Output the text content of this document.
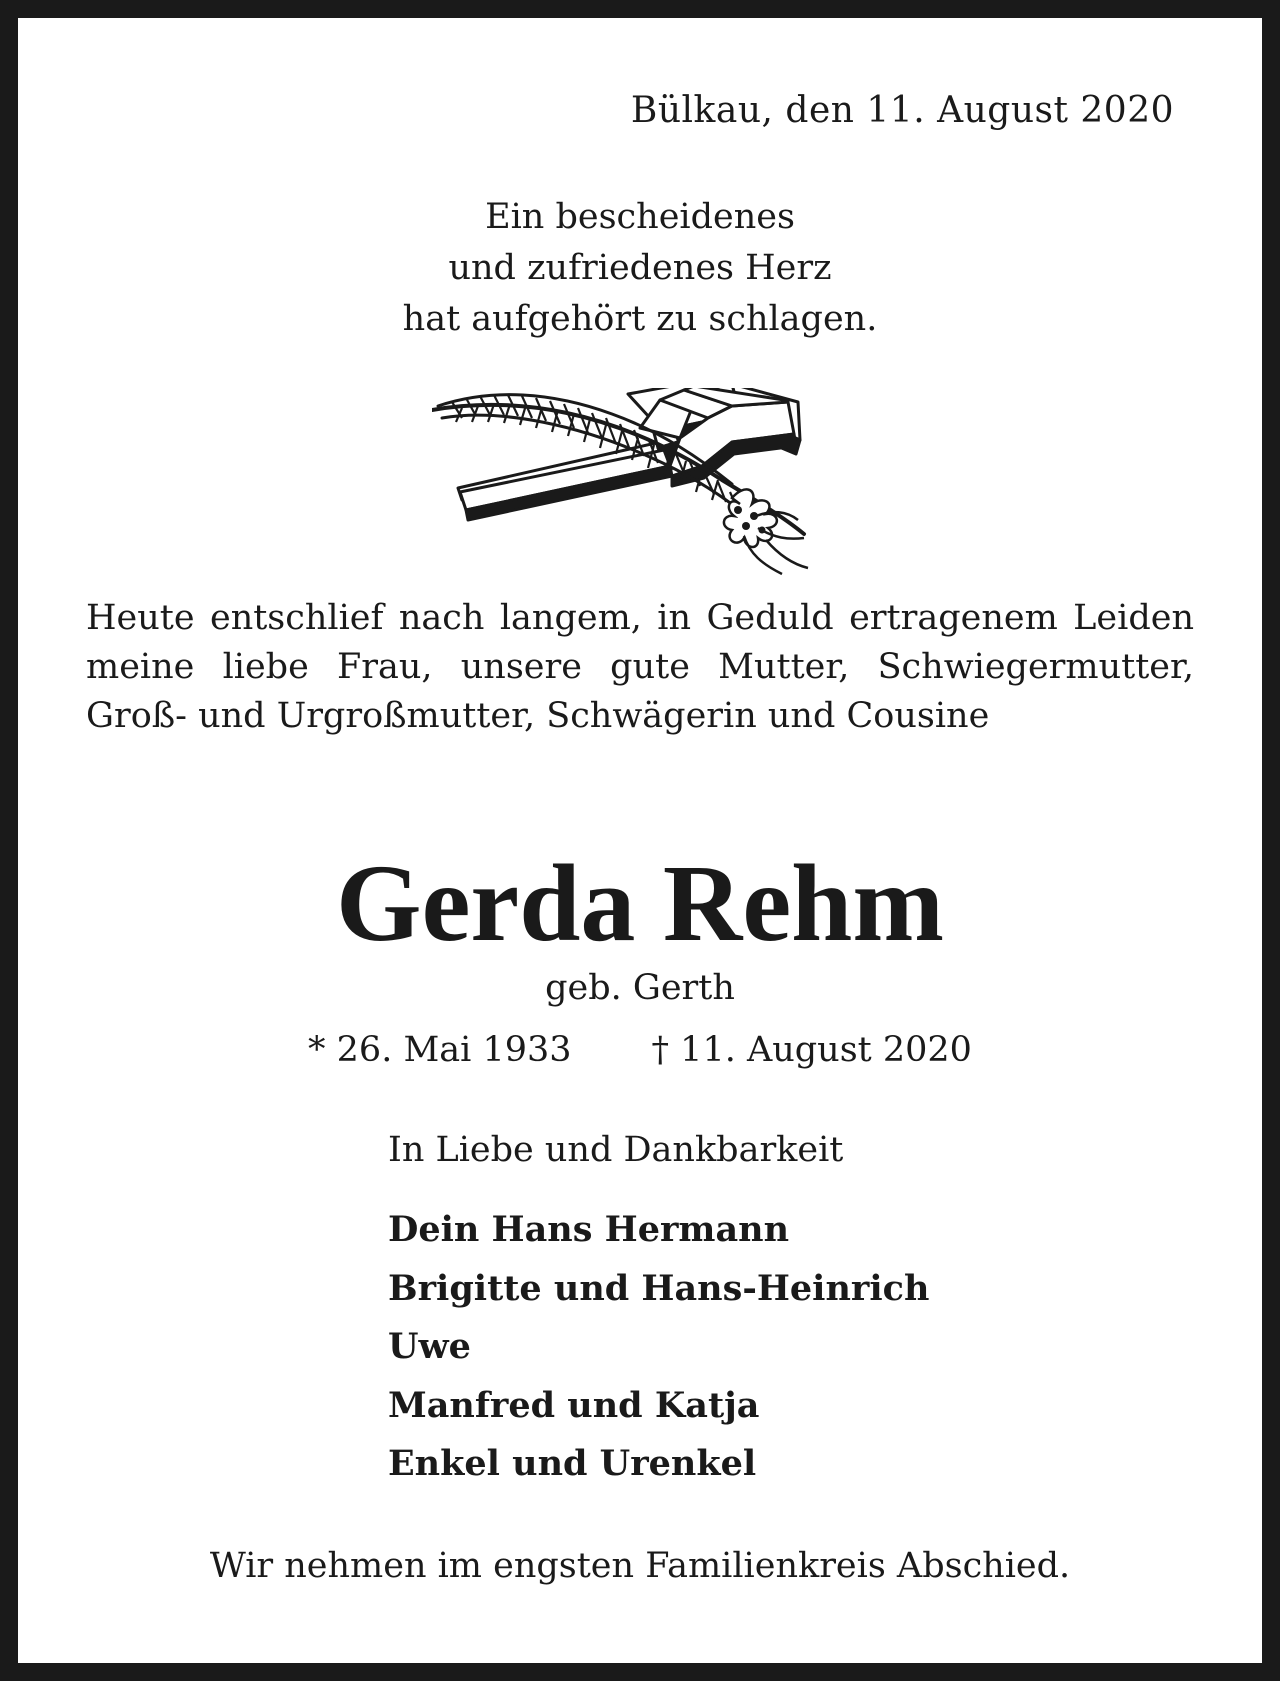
Bülkau, den 11. August 2020
Ein bescheidenes
und zufriedenes Herz
hat aufgehört zu schlagen.
Heute entschlief nach langem, in Geduld ertragenem Leiden meine liebe Frau, unsere gute Mutter, Schwiegermutter, Groß- und Urgroßmutter, Schwägerin und Cousine
Gerda Rehm
geb. Gerth
* 26. Mai 1933 † 11. August 2020
In Liebe und Dankbarkeit
Dein Hans Hermann
Brigitte und Hans-Heinrich
Uwe
Manfred und Katja
Enkel und Urenkel
Wir nehmen im engsten Familienkreis Abschied.
